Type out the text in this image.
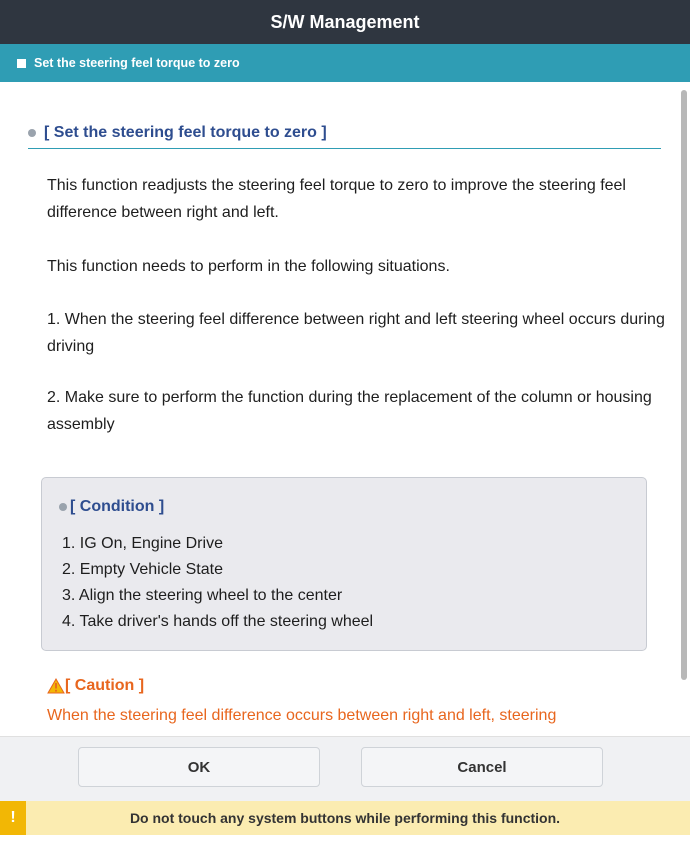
S/W Management
Set the steering feel torque to zero
[ Set the steering feel torque to zero ]

This function readjusts the steering feel torque to zero to improve the steering feel difference between right and left.

This function needs to perform in the following situations.

1. When the steering feel difference between right and left steering wheel occurs during driving

2. Make sure to perform the function during the replacement of the column or housing assembly

[ Condition ]
1. IG On, Engine Drive
2. Empty Vehicle State
3. Align the steering wheel to the center
4. Take driver's hands off the steering wheel
[ Caution ]

When the steering feel difference occurs between right and left, steering

OK	Cancel
!	Do not touch any system buttons while performing this function.
